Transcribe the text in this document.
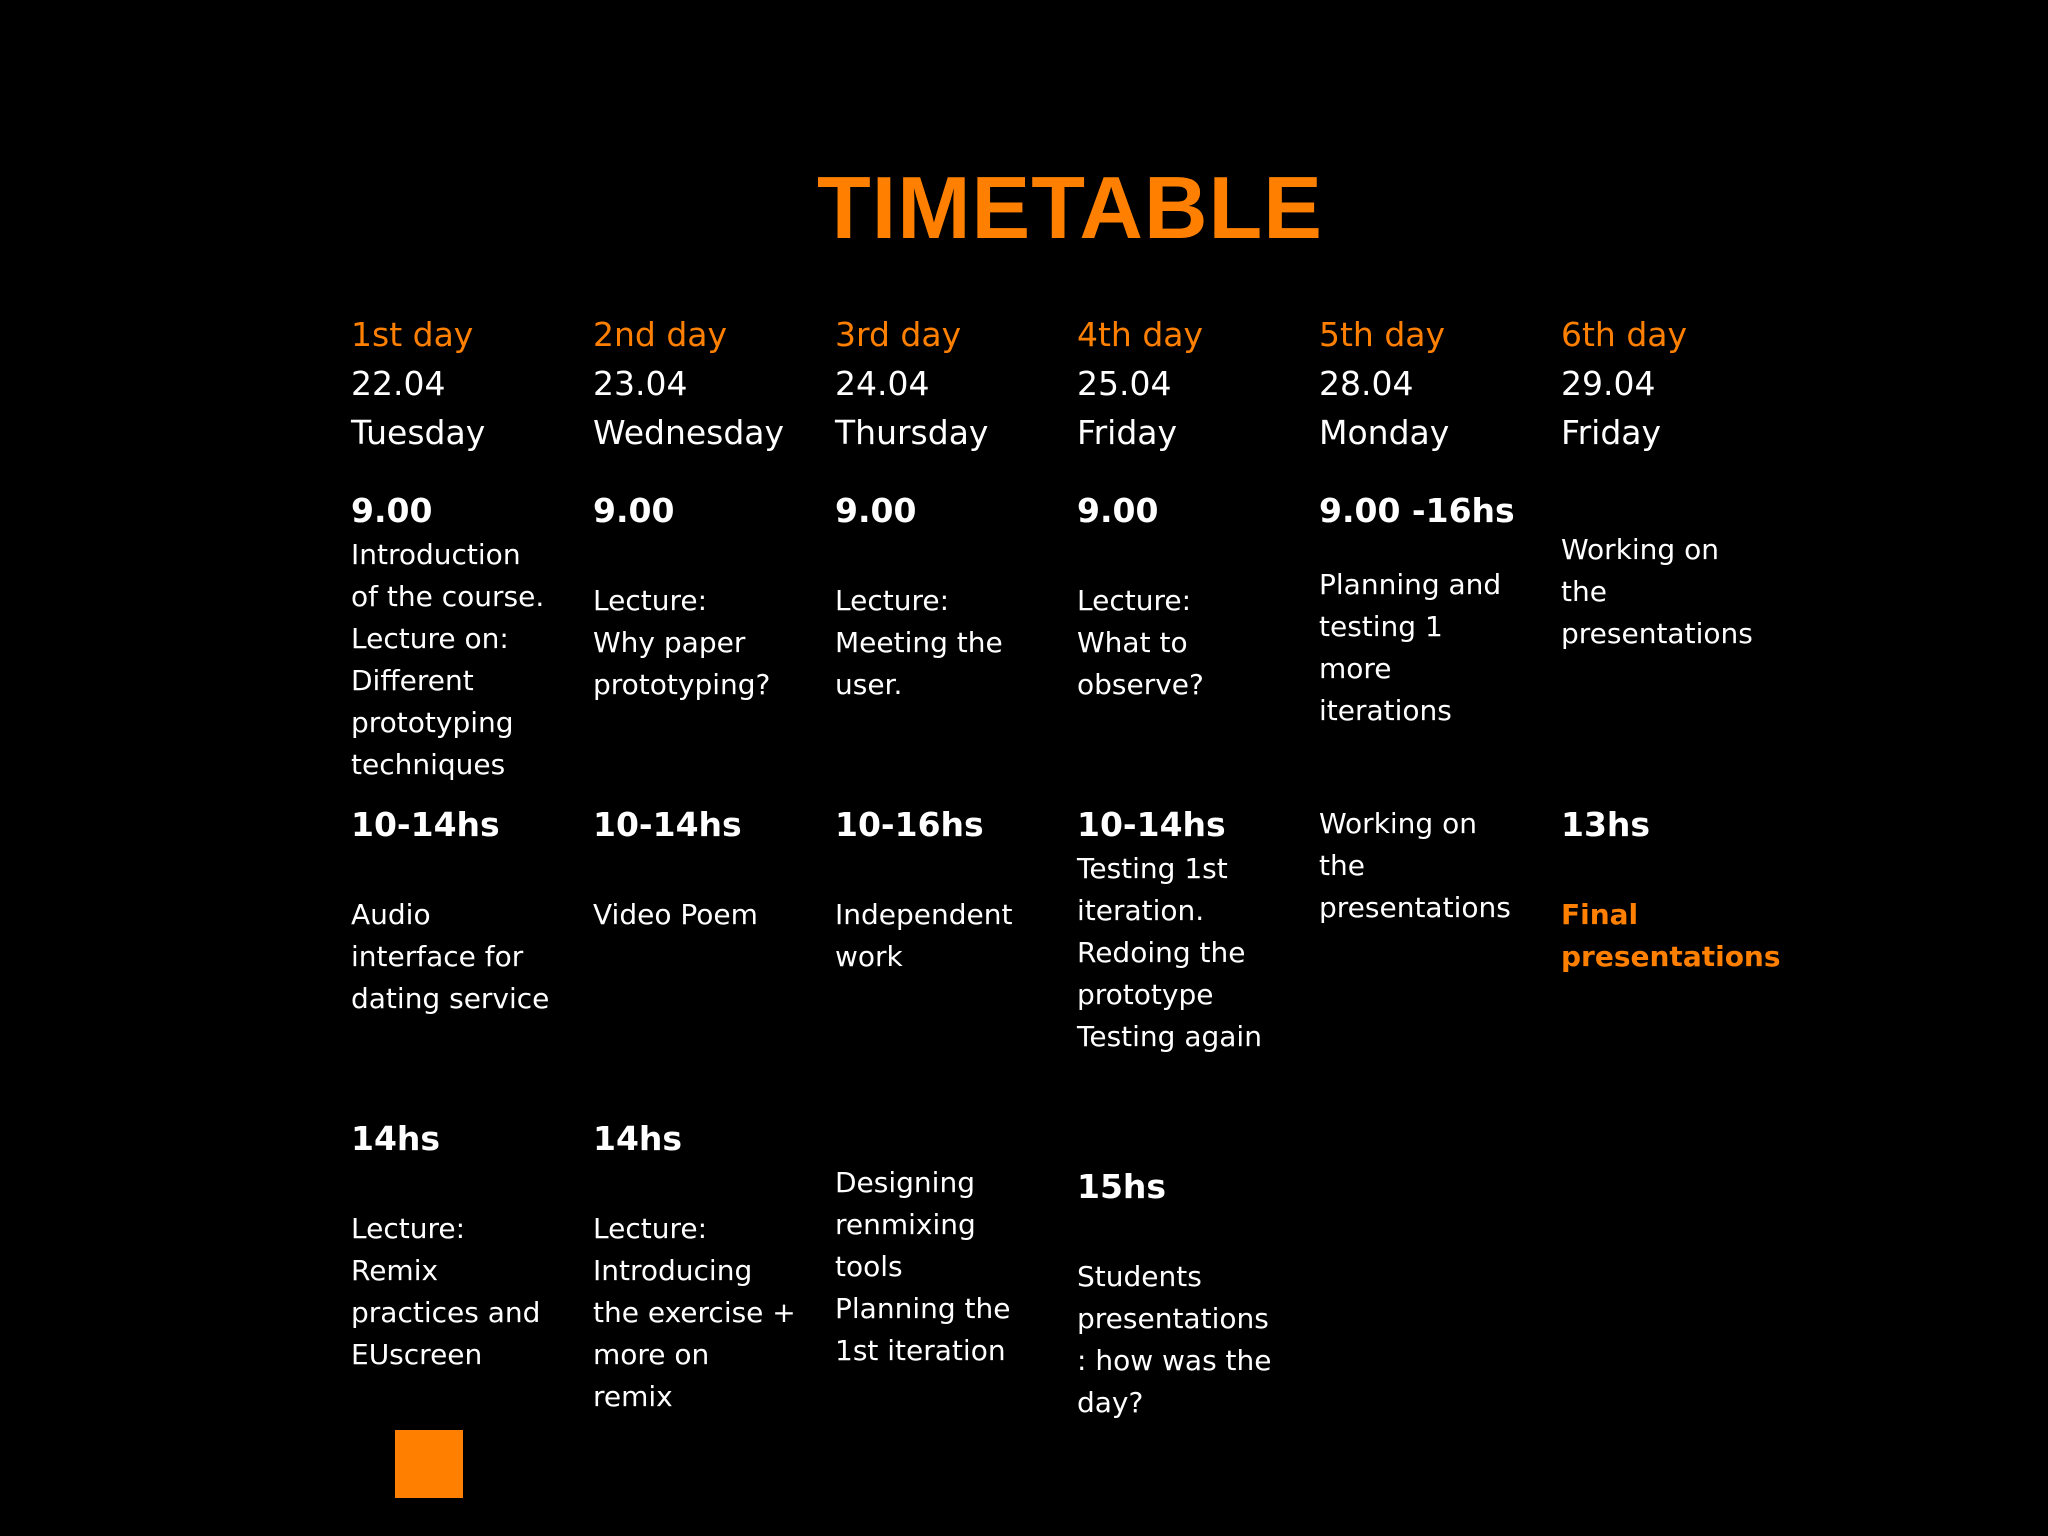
TIMETABLE
1st day
22.04
Tuesday
9.00
Introduction
of the course.
Lecture on:
Different
prototyping
techniques
10-14hs
Audio
interface for
dating service
14hs
Lecture:
Remix
practices and
EUscreen
2nd day
23.04
Wednesday
9.00
Lecture:
Why paper
prototyping?
10-14hs
Video Poem
14hs
Lecture:
Introducing
the exercise +
more on
remix
3rd day
24.04
Thursday
9.00
Lecture:
Meeting the
user.
10-16hs
Independent
work
Designing
renmixing
tools
Planning the
1st iteration
4th day
25.04
Friday
9.00
Lecture:
What to
observe?
10-14hs
Testing 1st
iteration.
Redoing the
prototype
Testing again
15hs
Students
presentations
: how was the
day?
5th day
28.04
Monday
9.00 -16hs
Planning and
testing 1
more
iterations
Working on
the
presentations
6th day
29.04
Friday
Working on
the
presentations
13hs
Final
presentations
